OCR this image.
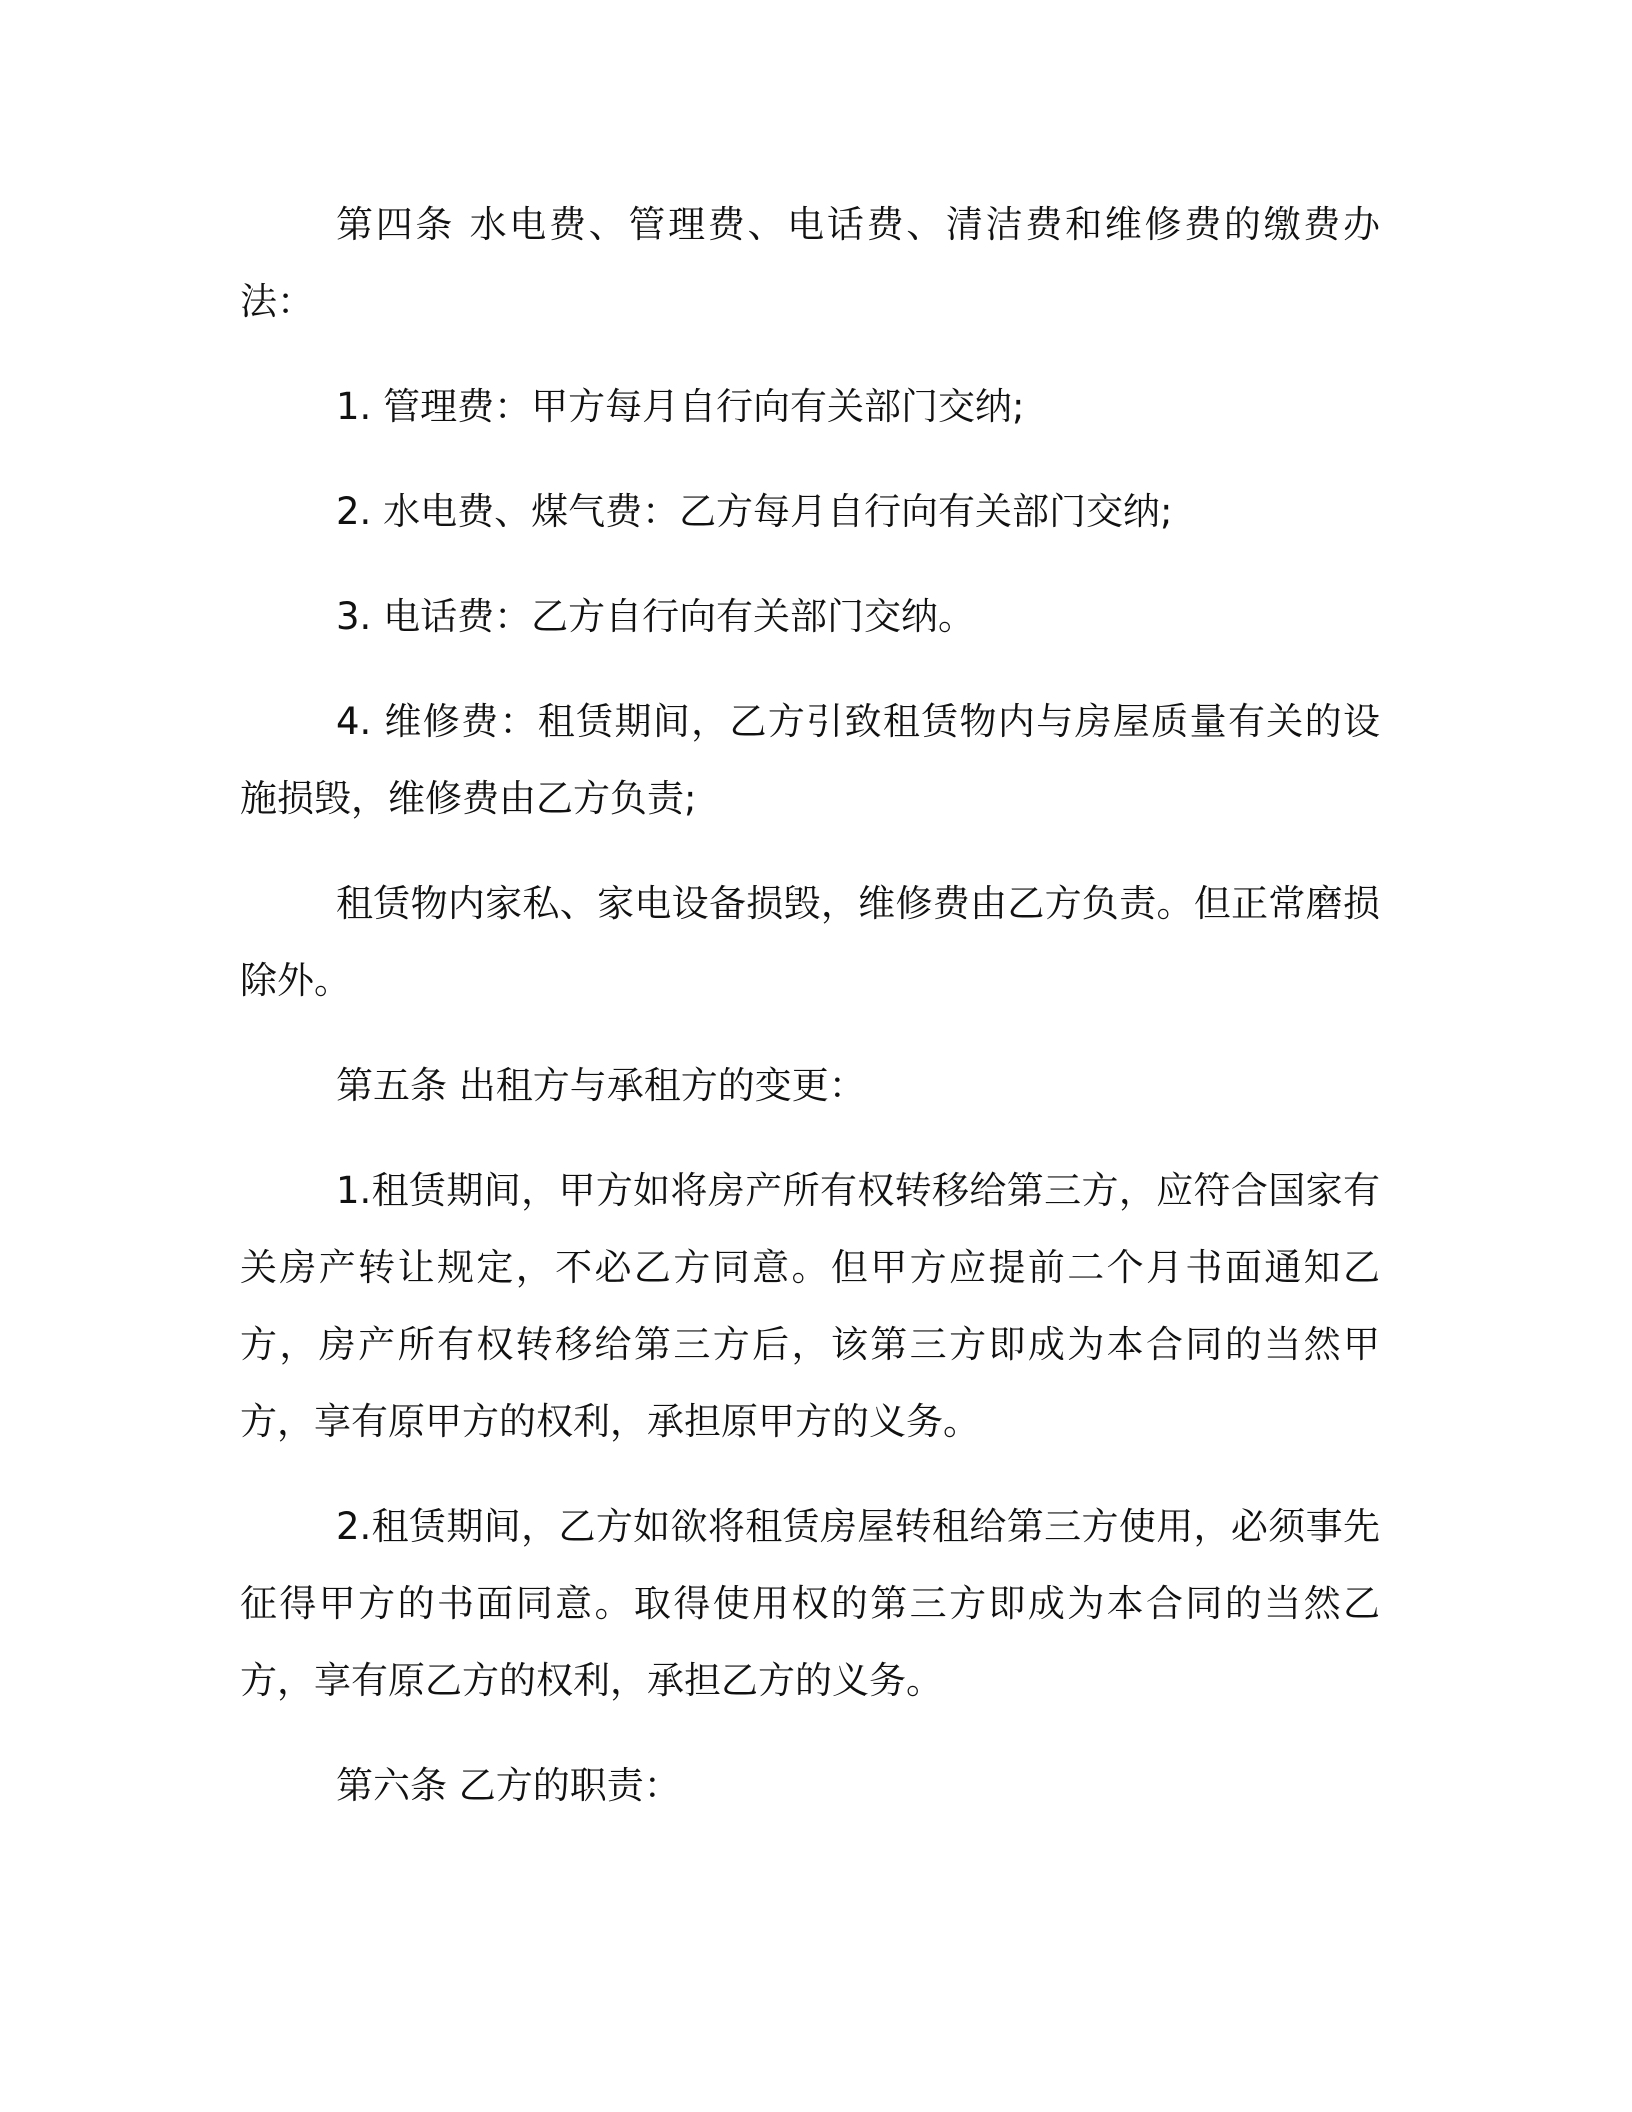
第四条 水电费、管理费、电话费、清洁费和维修费的缴费办法：

1. 管理费：甲方每月自行向有关部门交纳;

2. 水电费、煤气费：乙方每月自行向有关部门交纳;

3. 电话费：乙方自行向有关部门交纳。

4. 维修费：租赁期间，乙方引致租赁物内与房屋质量有关的设施损毁，维修费由乙方负责;

租赁物内家私、家电设备损毁，维修费由乙方负责。但正常磨损除外。

第五条 出租方与承租方的变更：

1.租赁期间，甲方如将房产所有权转移给第三方，应符合国家有关房产转让规定，不必乙方同意。但甲方应提前二个月书面通知乙方，房产所有权转移给第三方后，该第三方即成为本合同的当然甲方，享有原甲方的权利，承担原甲方的义务。

2.租赁期间，乙方如欲将租赁房屋转租给第三方使用，必须事先征得甲方的书面同意。取得使用权的第三方即成为本合同的当然乙方，享有原乙方的权利，承担乙方的义务。

第六条 乙方的职责：
